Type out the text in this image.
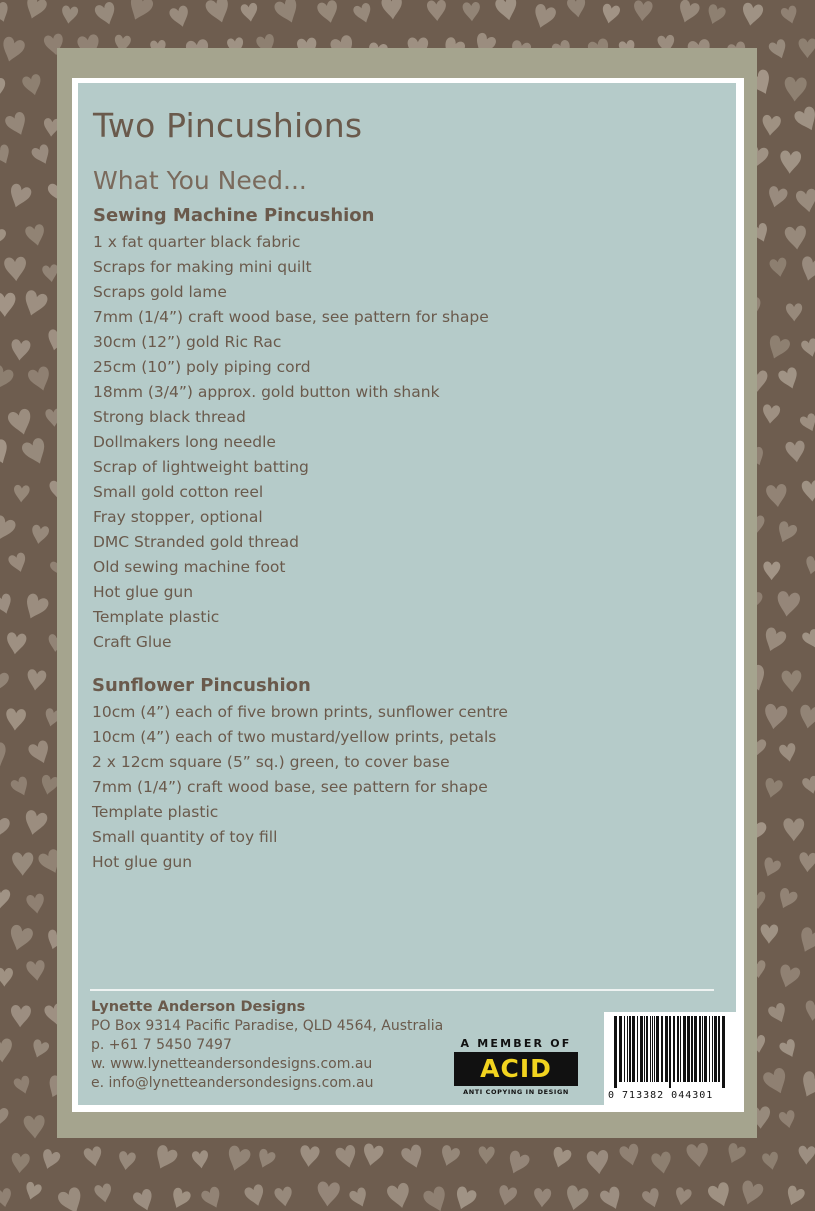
Two Pincushions
What You Need...
Sewing Machine Pincushion
1 x fat quarter black fabric
Scraps for making mini quilt
Scraps gold lame
7mm (1/4”) craft wood base, see pattern for shape
30cm (12”) gold Ric Rac
25cm (10”) poly piping cord
18mm (3/4”) approx. gold button with shank
Strong black thread
Dollmakers long needle
Scrap of lightweight batting
Small gold cotton reel
Fray stopper, optional
DMC Stranded gold thread
Old sewing machine foot
Hot glue gun
Template plastic
Craft Glue
Sunflower Pincushion
10cm (4”) each of five brown prints, sunflower centre
10cm (4”) each of two mustard/yellow prints, petals
2 x 12cm square (5” sq.) green, to cover base
7mm (1/4”) craft wood base, see pattern for shape
Template plastic
Small quantity of toy fill
Hot glue gun
Lynette Anderson Designs
PO Box 9314 Pacific Paradise, QLD 4564, Australia
p. +61 7 5450 7497
w. www.lynetteandersondesigns.com.au
e. info@lynetteandersondesigns.com.au
A MEMBER OF
ACID
ANTI COPYING IN DESIGN	0 713382 044301
